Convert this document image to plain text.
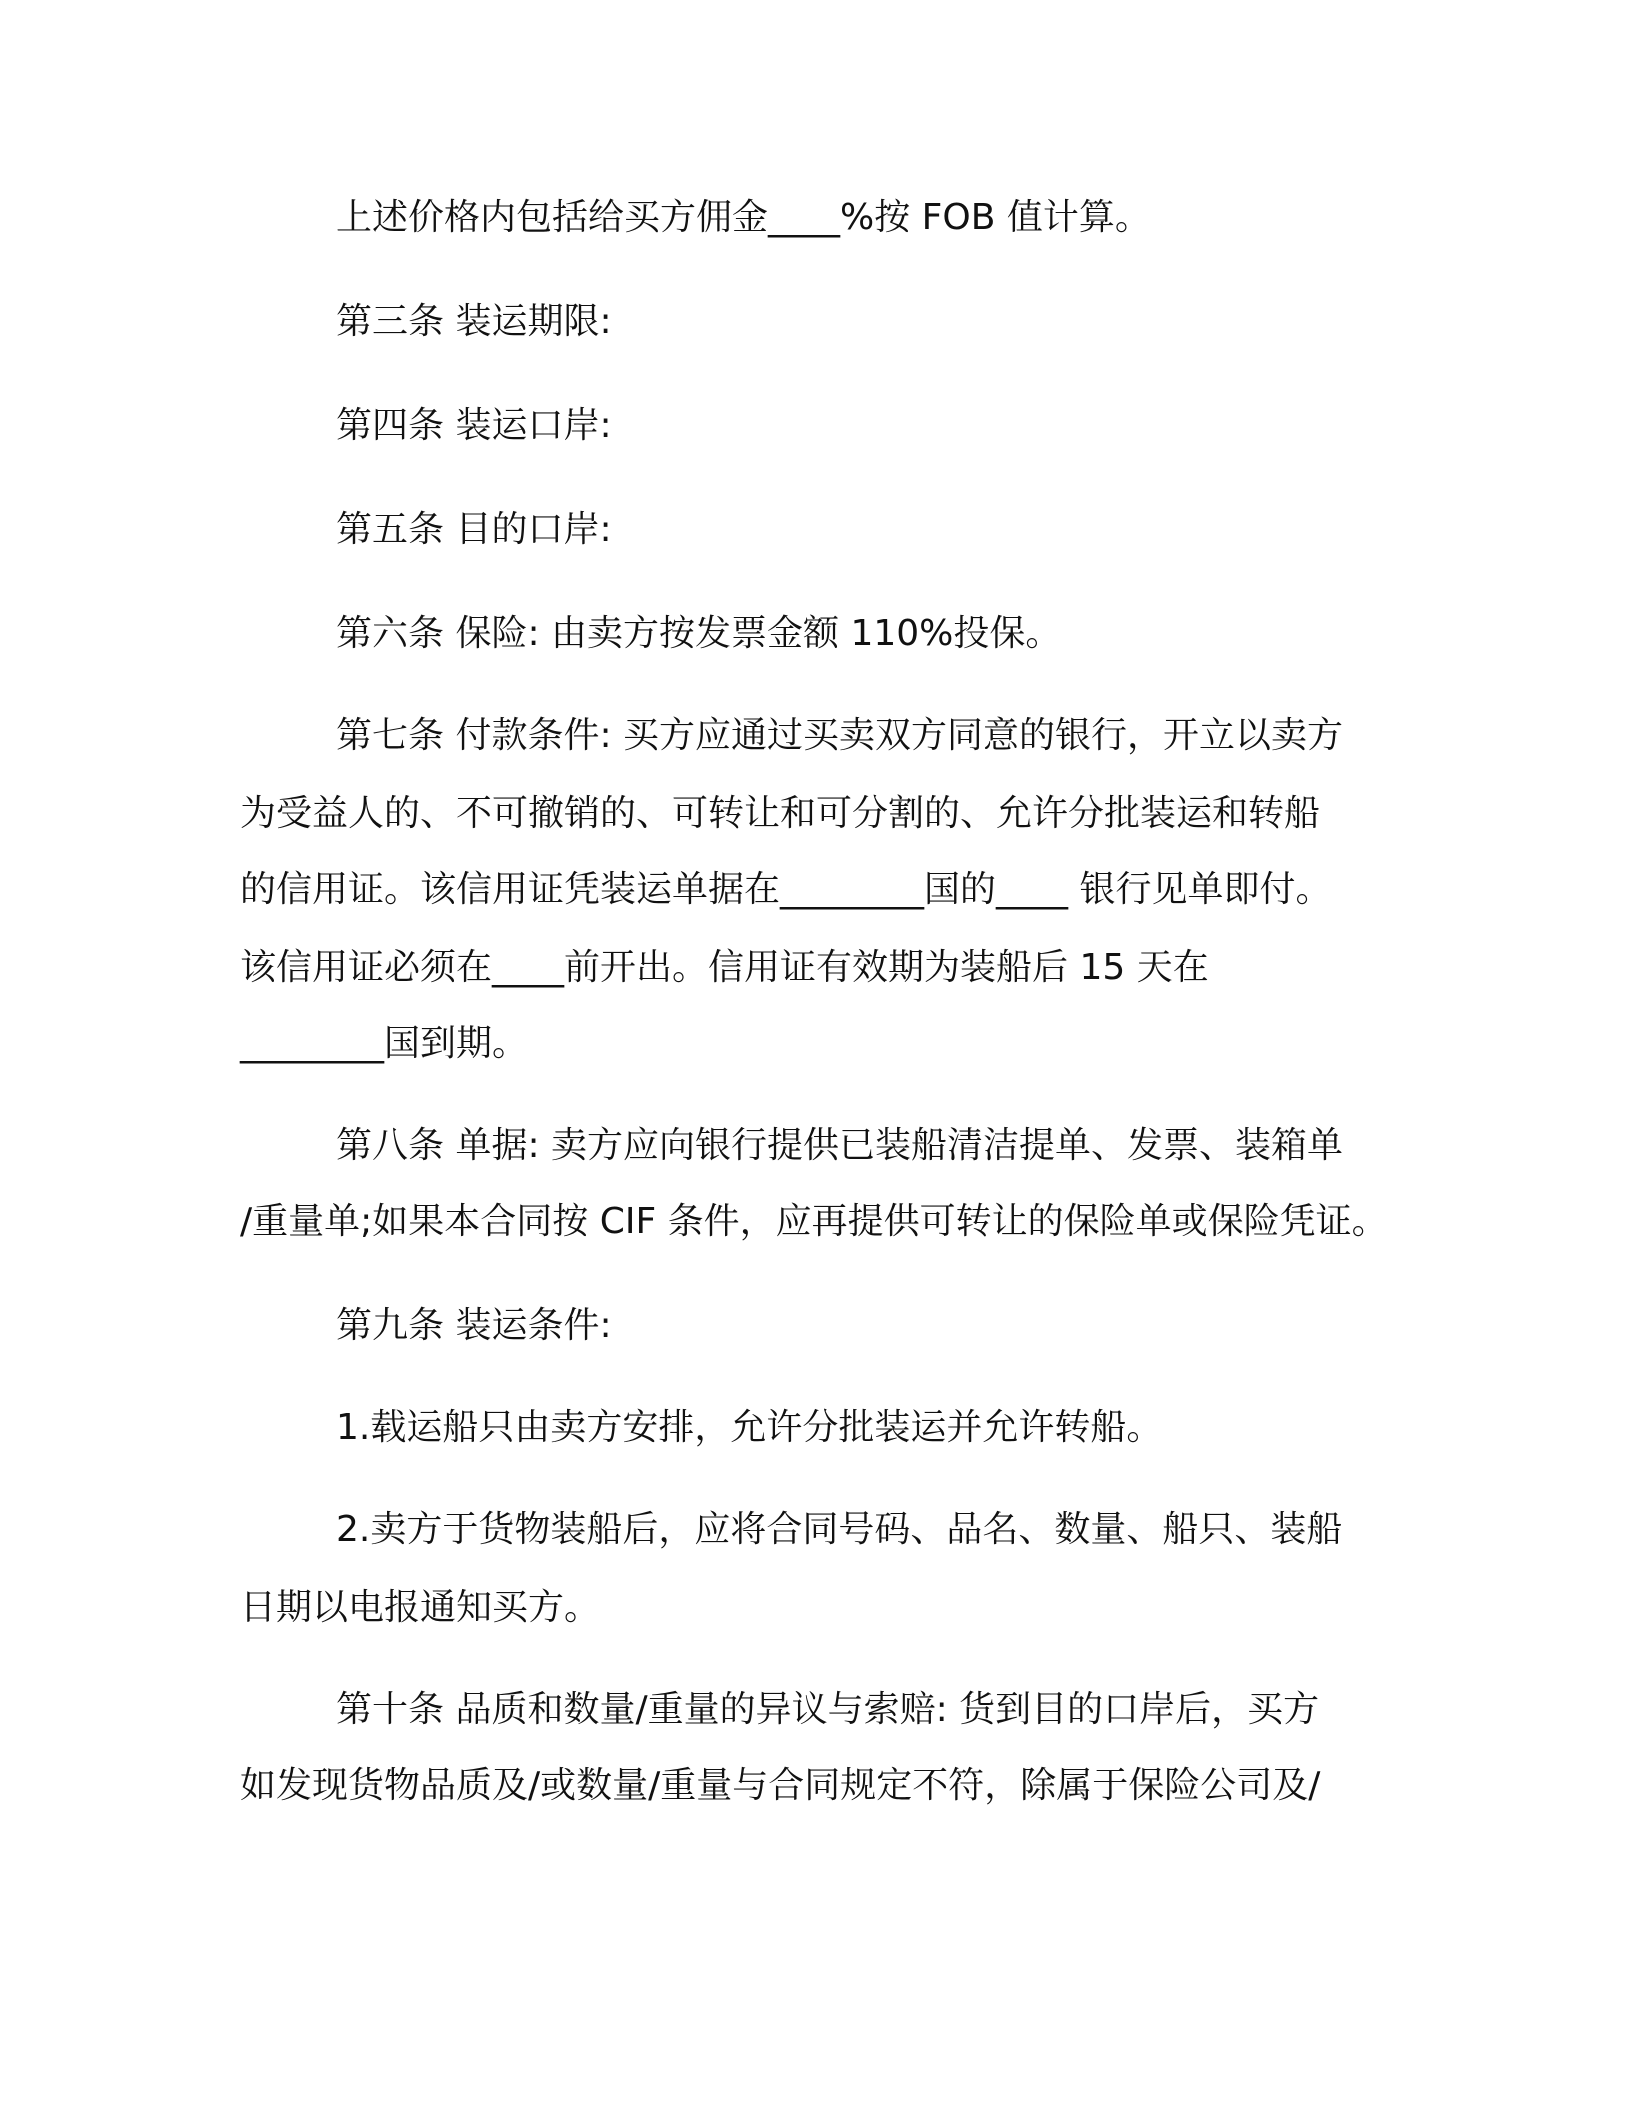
上述价格内包括给买方佣金____%按 FOB 值计算。
第三条 装运期限:
第四条 装运口岸:
第五条 目的口岸:
第六条 保险: 由卖方按发票金额 110%投保。
第七条 付款条件: 买方应通过买卖双方同意的银行，开立以卖方
为受益人的、不可撤销的、可转让和可分割的、允许分批装运和转船
的信用证。该信用证凭装运单据在________国的____ 银行见单即付。
该信用证必须在____前开出。信用证有效期为装船后 15 天在
________国到期。
第八条 单据: 卖方应向银行提供已装船清洁提单、发票、装箱单
/重量单;如果本合同按 CIF 条件，应再提供可转让的保险单或保险凭证。
第九条 装运条件:
1.载运船只由卖方安排，允许分批装运并允许转船。
2.卖方于货物装船后，应将合同号码、品名、数量、船只、装船
日期以电报通知买方。
第十条 品质和数量/重量的异议与索赔: 货到目的口岸后，买方
如发现货物品质及/或数量/重量与合同规定不符，除属于保险公司及/
